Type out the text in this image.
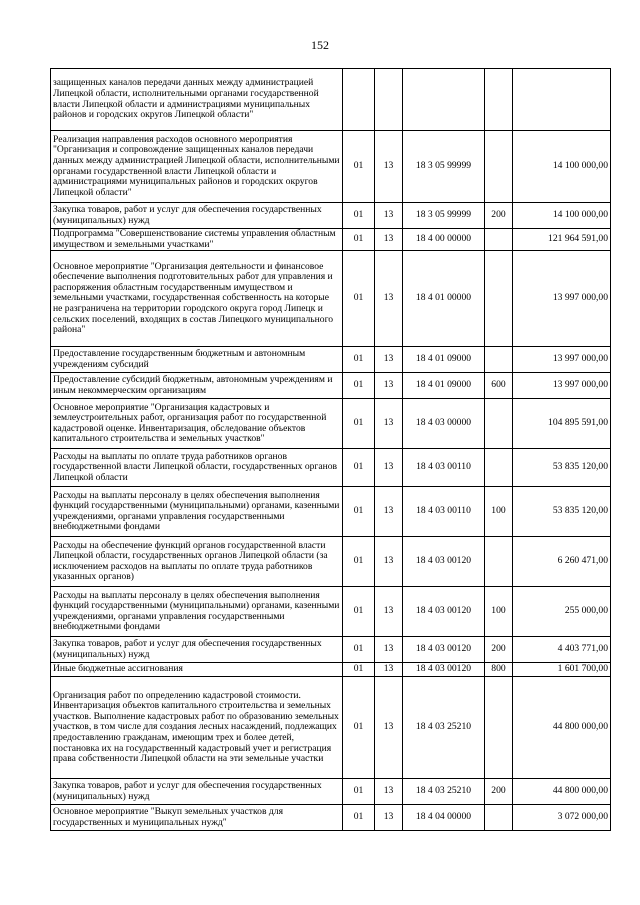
152
защищенных каналов передачи данных между администрацией Липецкой области, исполнительными органами государственной власти Липецкой области и администрациями муниципальных районов и городских округов Липецкой области"					
Реализация направления расходов основного мероприятия "Организация и сопровождение защищенных каналов передачи данных между администрацией Липецкой области, исполнительными органами государственной власти Липецкой области и администрациями муниципальных районов и городских округов Липецкой области"	01	13	18 3 05 99999		14 100 000,00
Закупка товаров, работ и услуг для обеспечения государственных (муниципальных) нужд	01	13	18 3 05 99999	200	14 100 000,00
Подпрограмма "Совершенствование системы управления областным имуществом и земельными участками"	01	13	18 4 00 00000		121 964 591,00
Основное мероприятие "Организация деятельности и финансовое обеспечение выполнения подготовительных работ для управления и распоряжения областным государственным имуществом и земельными участками, государственная собственность на которые не разграничена на территории городского округа город Липецк и сельских поселений, входящих в состав Липецкого муниципального района"	01	13	18 4 01 00000		13 997 000,00
Предоставление государственным бюджетным и автономным учреждениям субсидий	01	13	18 4 01 09000		13 997 000,00
Предоставление субсидий бюджетным, автономным учреждениям и иным некоммерческим организациям	01	13	18 4 01 09000	600	13 997 000,00
Основное мероприятие "Организация кадастровых и землеустроительных работ, организация работ по государственной кадастровой оценке. Инвентаризация, обследование объектов капитального строительства и земельных участков"	01	13	18 4 03 00000		104 895 591,00
Расходы на выплаты по оплате труда работников органов государственной власти Липецкой области, государственных органов Липецкой области	01	13	18 4 03 00110		53 835 120,00
Расходы на выплаты персоналу в целях обеспечения выполнения функций государственными (муниципальными) органами, казенными учреждениями, органами управления государственными внебюджетными фондами	01	13	18 4 03 00110	100	53 835 120,00
Расходы на обеспечение функций органов государственной власти Липецкой области, государственных органов Липецкой области (за исключением расходов на выплаты по оплате труда работников указанных органов)	01	13	18 4 03 00120		6 260 471,00
Расходы на выплаты персоналу в целях обеспечения выполнения функций государственными (муниципальными) органами, казенными учреждениями, органами управления государственными внебюджетными фондами	01	13	18 4 03 00120	100	255 000,00
Закупка товаров, работ и услуг для обеспечения государственных (муниципальных) нужд	01	13	18 4 03 00120	200	4 403 771,00
Иные бюджетные ассигнования	01	13	18 4 03 00120	800	1 601 700,00
Организация работ по определению кадастровой стоимости. Инвентаризация объектов капитального строительства и земельных участков. Выполнение кадастровых работ по образованию земельных участков, в том числе для создания лесных насаждений, подлежащих предоставлению гражданам, имеющим трех и более детей, постановка их на государственный кадастровый учет и регистрация права собственности Липецкой области на эти земельные участки	01	13	18 4 03 25210		44 800 000,00
Закупка товаров, работ и услуг для обеспечения государственных (муниципальных) нужд	01	13	18 4 03 25210	200	44 800 000,00
Основное мероприятие "Выкуп земельных участков для государственных и муниципальных нужд"	01	13	18 4 04 00000		3 072 000,00
